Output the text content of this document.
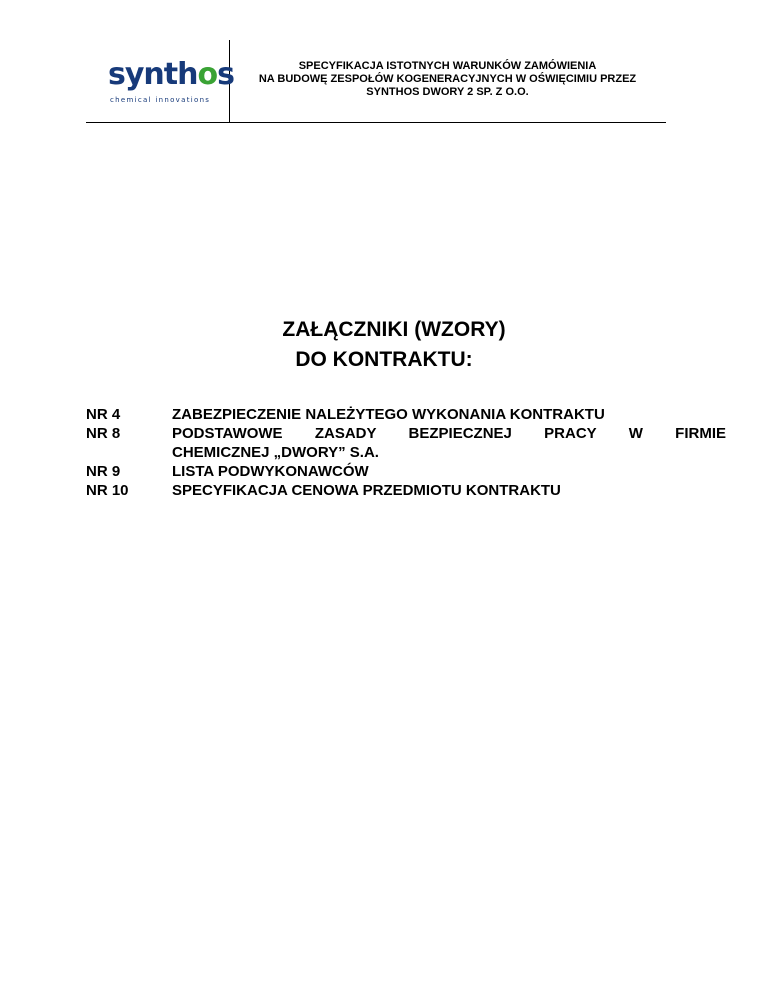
synthos
chemical innovations
SPECYFIKACJA ISTOTNYCH WARUNKÓW ZAMÓWIENIA
NA BUDOWĘ ZESPOŁÓW KOGENERACYJNYCH W OŚWIĘCIMIU PRZEZ
SYNTHOS DWORY 2 SP. Z O.O.
ZAŁĄCZNIKI (WZORY)
DO KONTRAKTU:
NR 4	ZABEZPIECZENIE NALEŻYTEGO WYKONANIA KONTRAKTU
NR 8	PODSTAWOWE ZASADY BEZPIECZNEJ PRACY W FIRMIE
CHEMICZNEJ „DWORY” S.A.
NR 9	LISTA PODWYKONAWCÓW
NR 10	SPECYFIKACJA CENOWA PRZEDMIOTU KONTRAKTU
